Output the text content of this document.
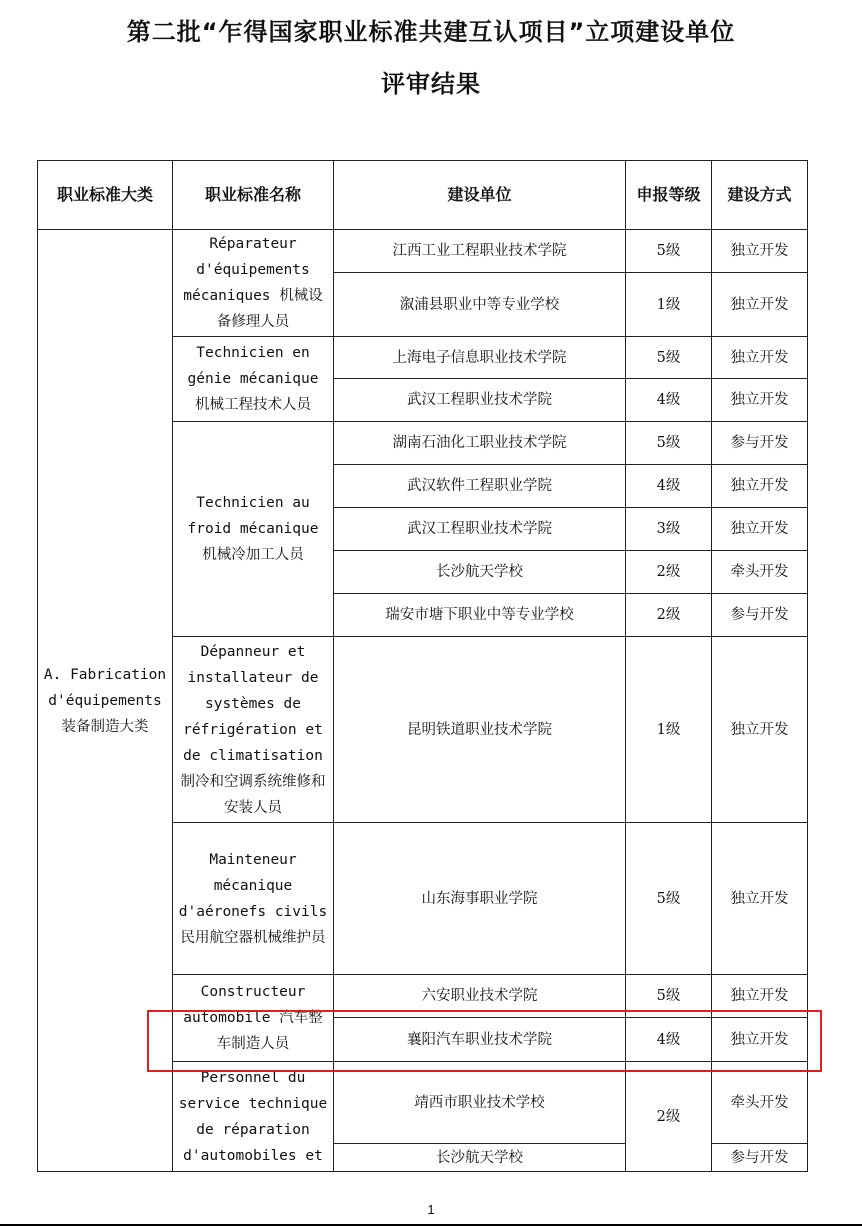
第二批“乍得国家职业标准共建互认项目”立项建设单位
评审结果
职业标准大类	职业标准名称	建设单位	申报等级	建设方式
A. Fabrication d'équipements 装备制造大类	Réparateur d'équipements mécaniques 机械设备修理人员	江西工业工程职业技术学院	5级	独立开发
		溆浦县职业中等专业学校	1级	独立开发
	Technicien en génie mécanique 机械工程技术人员	上海电子信息职业技术学院	5级	独立开发
		武汉工程职业技术学院	4级	独立开发
	Technicien au froid mécanique 机械冷加工人员	湖南石油化工职业技术学院	5级	参与开发
		武汉软件工程职业学院	4级	独立开发
		武汉工程职业技术学院	3级	独立开发
		长沙航天学校	2级	牵头开发
		瑞安市塘下职业中等专业学校	2级	参与开发
	Dépanneur et installateur de systèmes de réfrigération et de climatisation 制冷和空调系统维修和安装人员	昆明铁道职业技术学院	1级	独立开发
	Mainteneur mécanique d'aéronefs civils 民用航空器机械维护员	山东海事职业学院	5级	独立开发
	Constructeur automobile 汽车整车制造人员	六安职业技术学院	5级	独立开发
		襄阳汽车职业技术学院	4级	独立开发
	Personnel du service technique de réparation d'automobiles et	靖西市职业技术学校	2级	牵头开发
		长沙航天学校		参与开发
1
